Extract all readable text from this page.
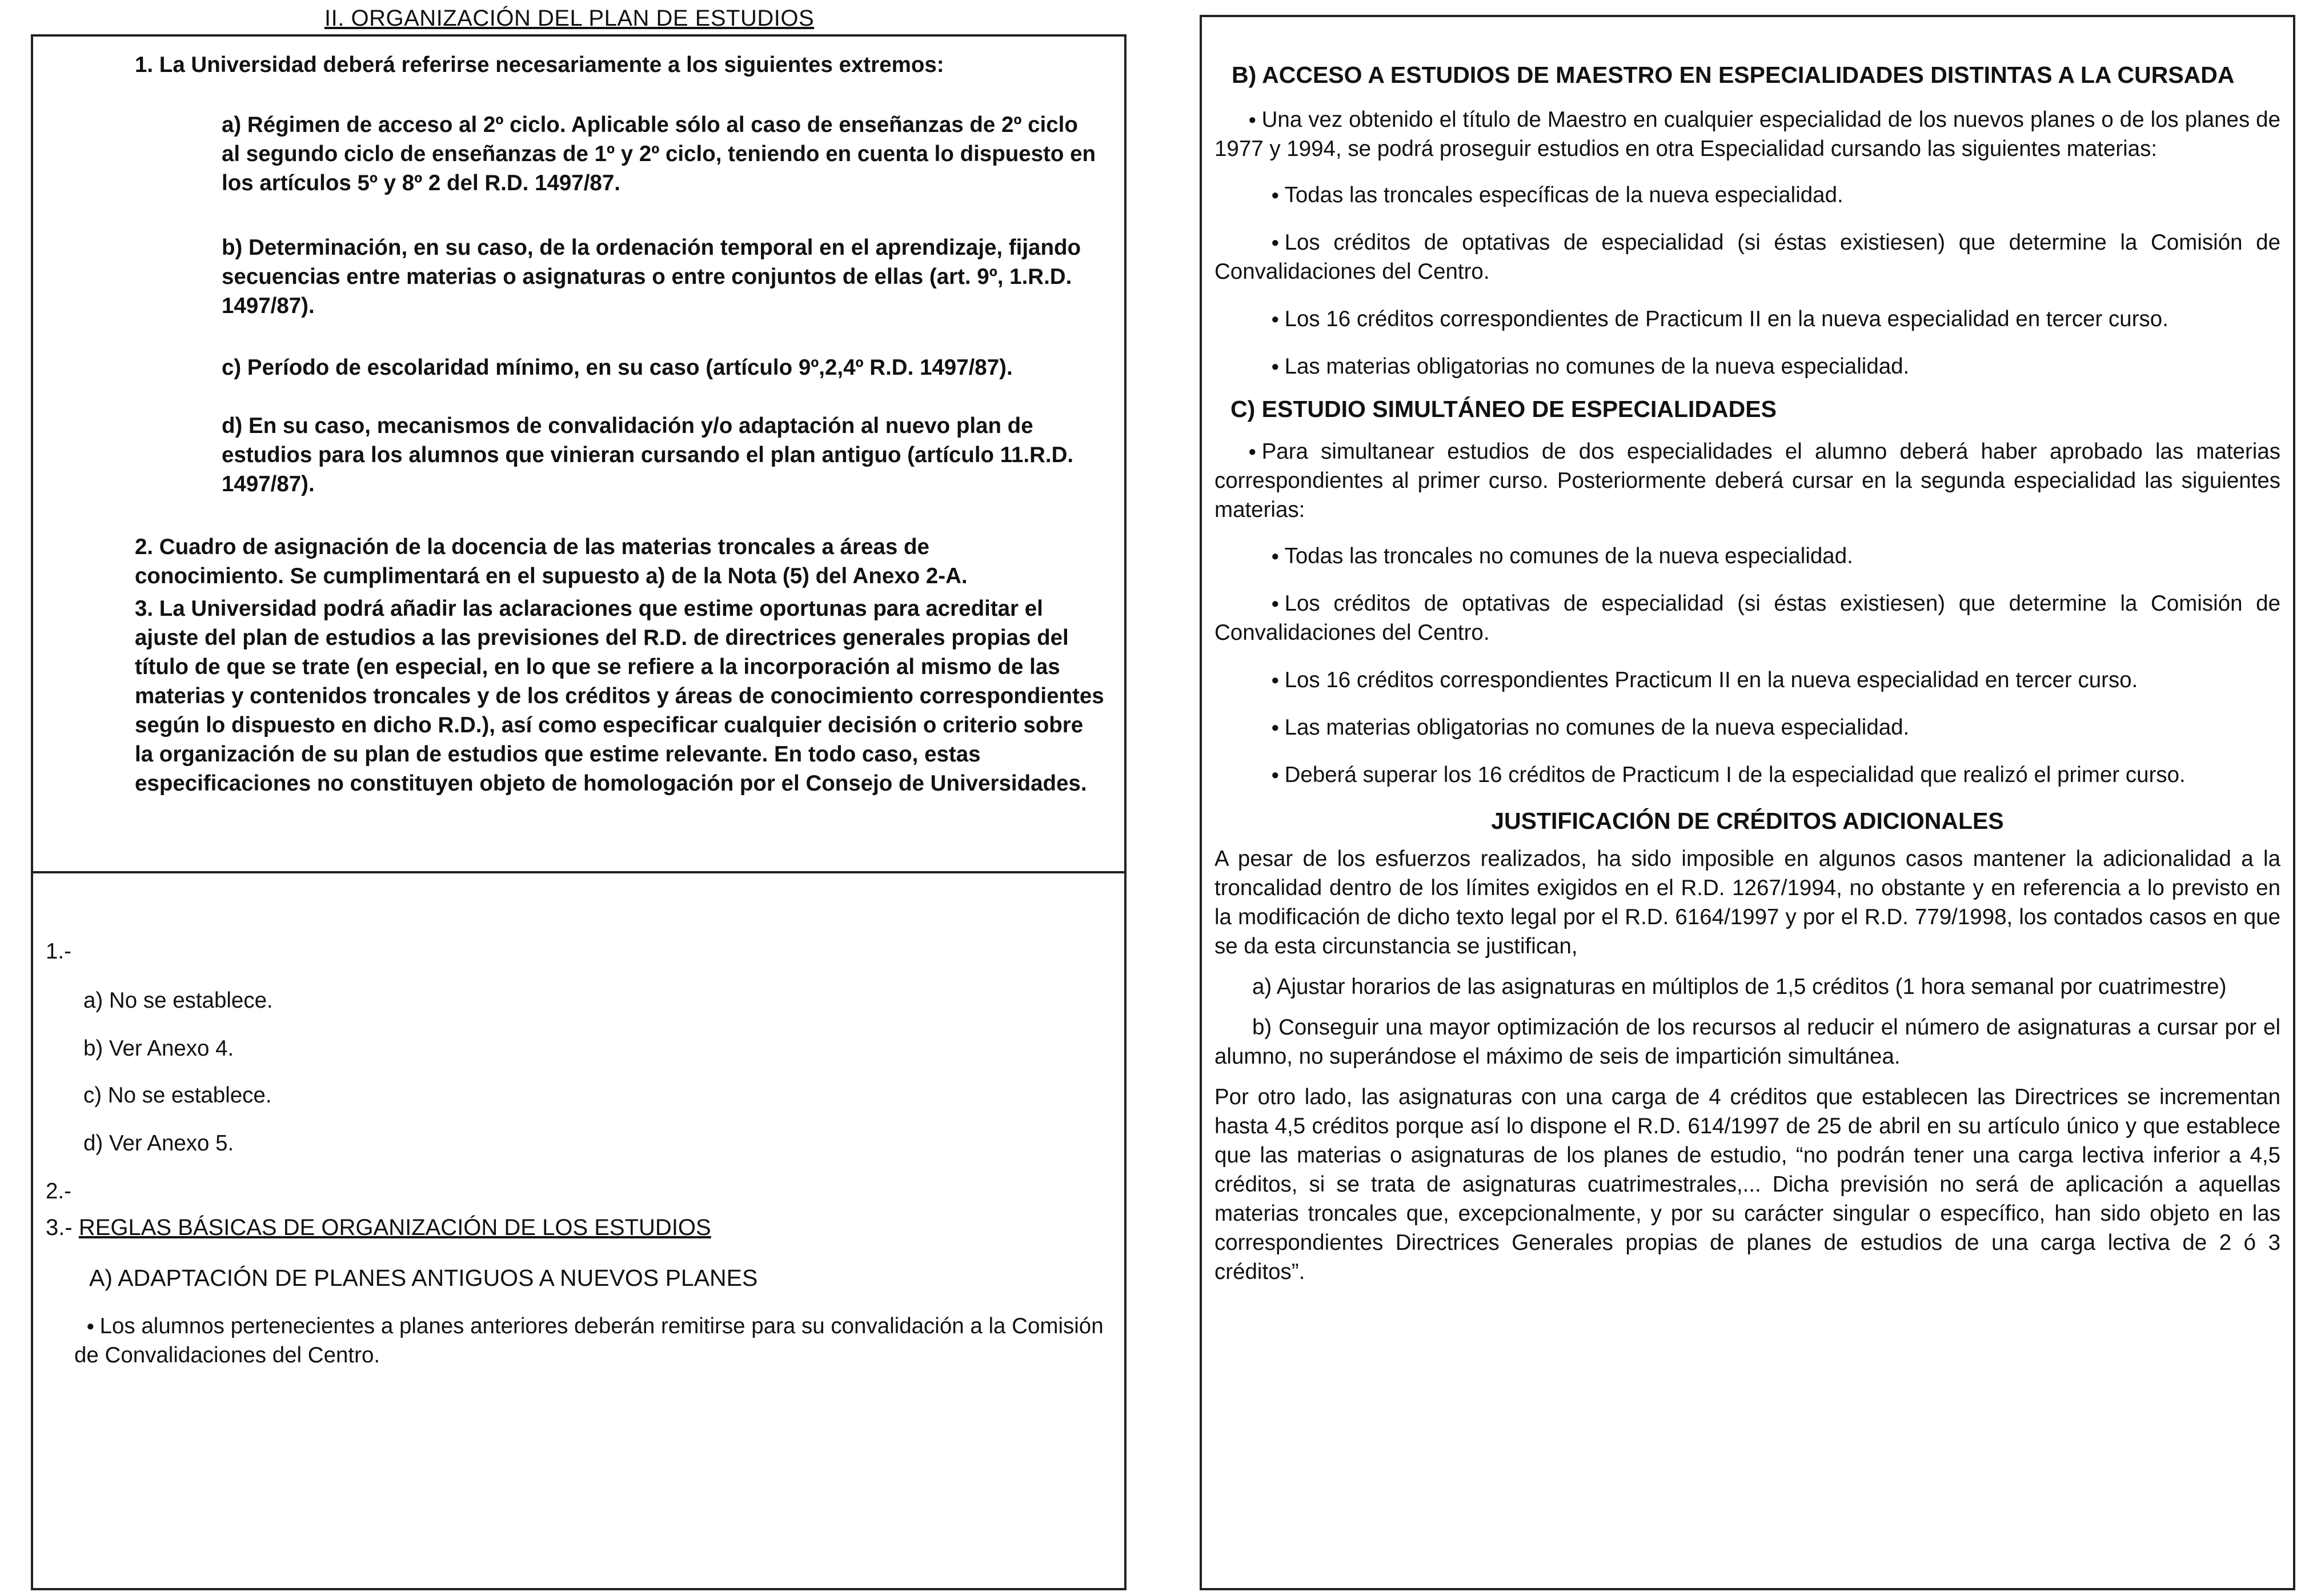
II. ORGANIZACIÓN DEL PLAN DE ESTUDIOS
1. La Universidad deberá referirse necesariamente a los siguientes extremos:
a) Régimen de acceso al 2º ciclo. Aplicable sólo al caso de enseñanzas de 2º ciclo al segundo ciclo de enseñanzas de 1º y 2º ciclo, teniendo en cuenta lo dispuesto en los artículos 5º y 8º 2 del R.D. 1497/87.
b) Determinación, en su caso, de la ordenación temporal en el aprendizaje, fijando secuencias entre materias o asignaturas o entre conjuntos de ellas (art. 9º, 1.R.D. 1497/87).
c) Período de escolaridad mínimo, en su caso (artículo 9º,2,4º R.D. 1497/87).
d) En su caso, mecanismos de convalidación y/o adaptación al nuevo plan de estudios para los alumnos que vinieran cursando el plan antiguo (artículo 11.R.D. 1497/87).
2. Cuadro de asignación de la docencia de las materias troncales a áreas de conocimiento. Se cumplimentará en el supuesto a) de la Nota (5) del Anexo 2-A.
3. La Universidad podrá añadir las aclaraciones que estime oportunas para acreditar el ajuste del plan de estudios a las previsiones del R.D. de directrices generales propias del título de que se trate (en especial, en lo que se refiere a la incorporación al mismo de las materias y contenidos troncales y de los créditos y áreas de conocimiento correspondientes según lo dispuesto en dicho R.D.), así como especificar cualquier decisión o criterio sobre la organización de su plan de estudios que estime relevante. En todo caso, estas especificaciones no constituyen objeto de homologación por el Consejo de Universidades.
1.-
a) No se establece.
b) Ver Anexo 4.
c) No se establece.
d) Ver Anexo 5.
2.-
3.- REGLAS BÁSICAS DE ORGANIZACIÓN DE LOS ESTUDIOS
A) ADAPTACIÓN DE PLANES ANTIGUOS A NUEVOS PLANES
• Los alumnos pertenecientes a planes anteriores deberán remitirse para su convalidación a la Comisión de Convalidaciones del Centro.
B) ACCESO A ESTUDIOS DE MAESTRO EN ESPECIALIDADES DISTINTAS A LA CURSADA

• Una vez obtenido el título de Maestro en cualquier especialidad de los nuevos planes o de los planes de 1977 y 1994, se podrá proseguir estudios en otra Especialidad cursando las siguientes materias:

• Todas las troncales específicas de la nueva especialidad.

• Los créditos de optativas de especialidad (si éstas existiesen) que determine la Comisión de Convalidaciones del Centro.

• Los 16 créditos correspondientes de Practicum II en la nueva especialidad en tercer curso.

• Las materias obligatorias no comunes de la nueva especialidad.

C) ESTUDIO SIMULTÁNEO DE ESPECIALIDADES

• Para simultanear estudios de dos especialidades el alumno deberá haber aprobado las materias correspondientes al primer curso. Posteriormente deberá cursar en la segunda especialidad las siguientes materias:

• Todas las troncales no comunes de la nueva especialidad.

• Los créditos de optativas de especialidad (si éstas existiesen) que determine la Comisión de Convalidaciones del Centro.

• Los 16 créditos correspondientes Practicum II en la nueva especialidad en tercer curso.

• Las materias obligatorias no comunes de la nueva especialidad.

• Deberá superar los 16 créditos de Practicum I de la especialidad que realizó el primer curso.

JUSTIFICACIÓN DE CRÉDITOS ADICIONALES

A pesar de los esfuerzos realizados, ha sido imposible en algunos casos mantener la adicionalidad a la troncalidad dentro de los límites exigidos en el R.D. 1267/1994, no obstante y en referencia a lo previsto en la modificación de dicho texto legal por el R.D. 6164/1997 y por el R.D. 779/1998, los contados casos en que se da esta circunstancia se justifican,

a) Ajustar horarios de las asignaturas en múltiplos de 1,5 créditos (1 hora semanal por cuatrimestre)

b) Conseguir una mayor optimización de los recursos al reducir el número de asignaturas a cursar por el alumno, no superándose el máximo de seis de impartición simultánea.

Por otro lado, las asignaturas con una carga de 4 créditos que establecen las Directrices se incrementan hasta 4,5 créditos porque así lo dispone el R.D. 614/1997 de 25 de abril en su artículo único y que establece que las materias o asignaturas de los planes de estudio, “no podrán tener una carga lectiva inferior a 4,5 créditos, si se trata de asignaturas cuatrimestrales,... Dicha previsión no será de aplicación a aquellas materias troncales que, excepcionalmente, y por su carácter singular o específico, han sido objeto en las correspondientes Directrices Generales propias de planes de estudios de una carga lectiva de 2 ó 3 créditos”.
